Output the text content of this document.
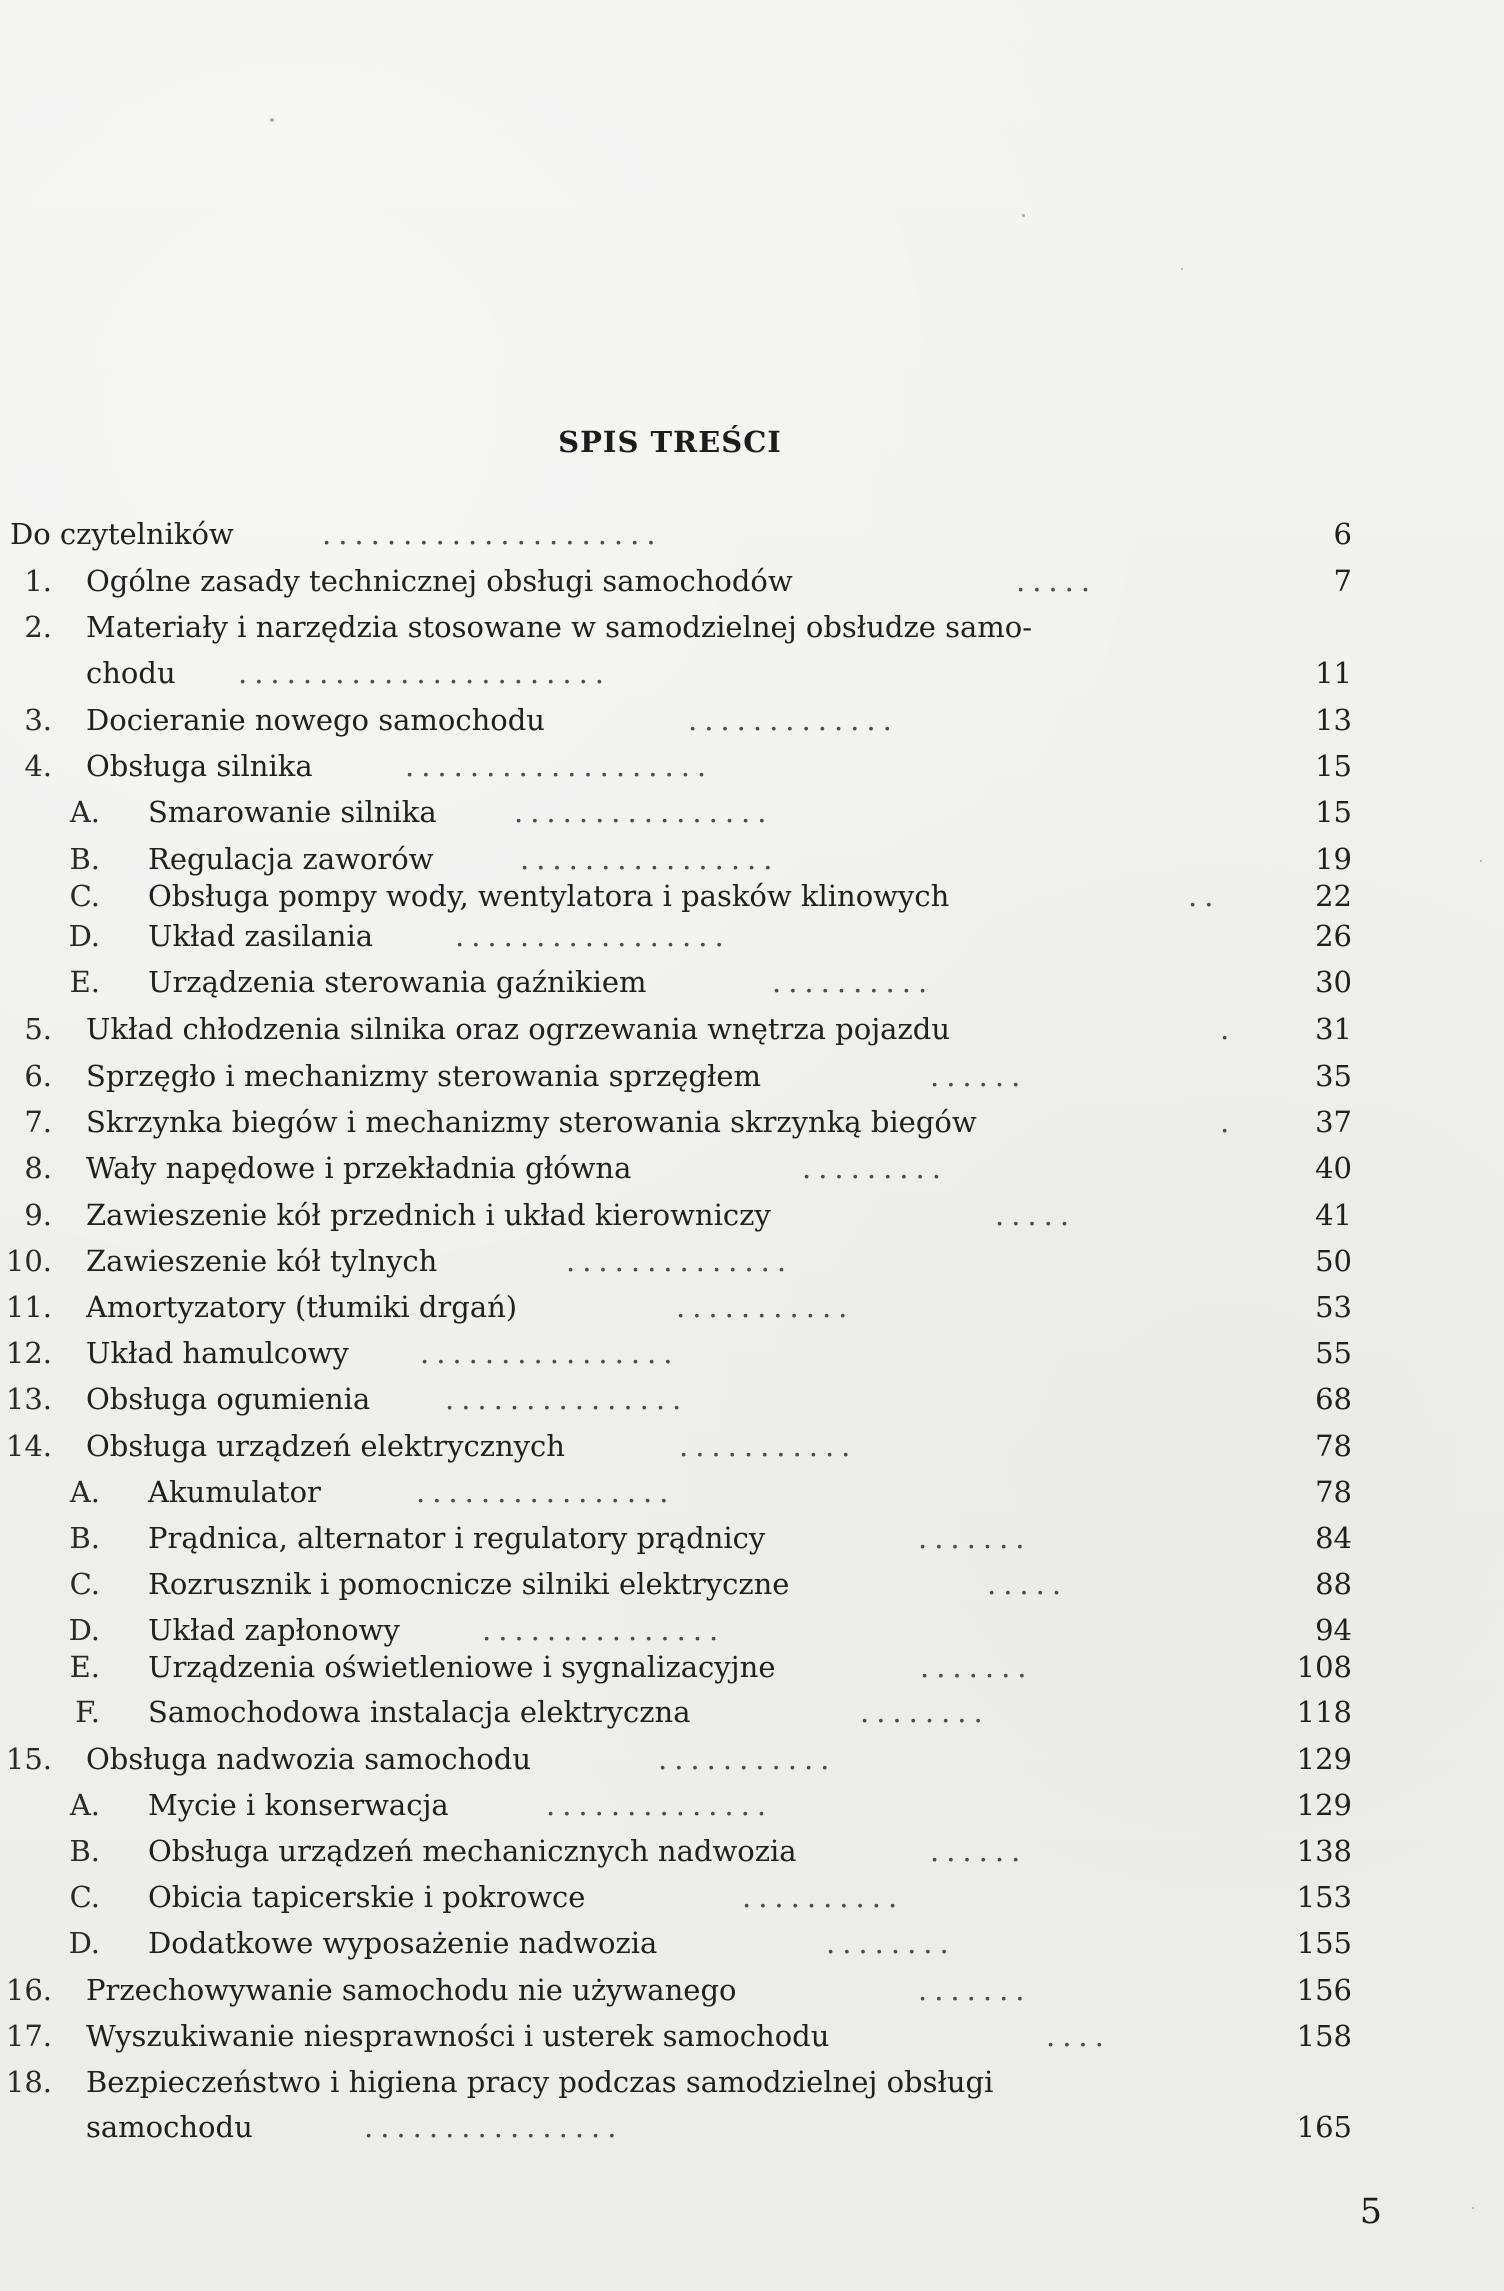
SPIS TREŚCI
Do czytelników	.....................	6
1. Ogólne zasady technicznej obsługi samochodów	.....	7
2. Materiały i narzędzia stosowane w samodzielnej obsłudze samo-
chodu .......................	11
3. Docieranie nowego samochodu	.............	13
4. Obsługa silnika	...................	15
A. Smarowanie silnika	................	15
B. Regulacja zaworów	................	19
C. Obsługa pompy wody, wentylatora i pasków klinowych	..	22
D. Układ zasilania	.................	26
E. Urządzenia sterowania gaźnikiem	..........	30
5. Układ chłodzenia silnika oraz ogrzewania wnętrza pojazdu	.	31
6. Sprzęgło i mechanizmy sterowania sprzęgłem	......	35
7. Skrzynka biegów i mechanizmy sterowania skrzynką biegów	.	37
8. Wały napędowe i przekładnia główna	.........	40
9. Zawieszenie kół przednich i układ kierowniczy	.....	41
10. Zawieszenie kół tylnych	..............	50
11. Amortyzatory (tłumiki drgań)	...........	53
12. Układ hamulcowy ................	55
13. Obsługa ogumienia	...............	68
14. Obsługa urządzeń elektrycznych	...........	78
A. Akumulator	................	78
B. Prądnica, alternator i regulatory prądnicy	.......	84
C. Rozrusznik i pomocnicze silniki elektryczne	.....	88
D. Układ zapłonowy	...............	94
E. Urządzenia oświetleniowe i sygnalizacyjne	.......	108
F. Samochodowa instalacja elektryczna	........	118
15. Obsługa nadwozia samochodu	...........	129
A. Mycie i konserwacja	..............	129
B. Obsługa urządzeń mechanicznych nadwozia	......	138
C. Obicia tapicerskie i pokrowce	..........	153
D. Dodatkowe wyposażenie nadwozia	........	155
16. Przechowywanie samochodu nie używanego	.......	156
17. Wyszukiwanie niesprawności i usterek samochodu	....	158
18. Bezpieczeństwo i higiena pracy podczas samodzielnej obsługi
samochodu	................	165
5
